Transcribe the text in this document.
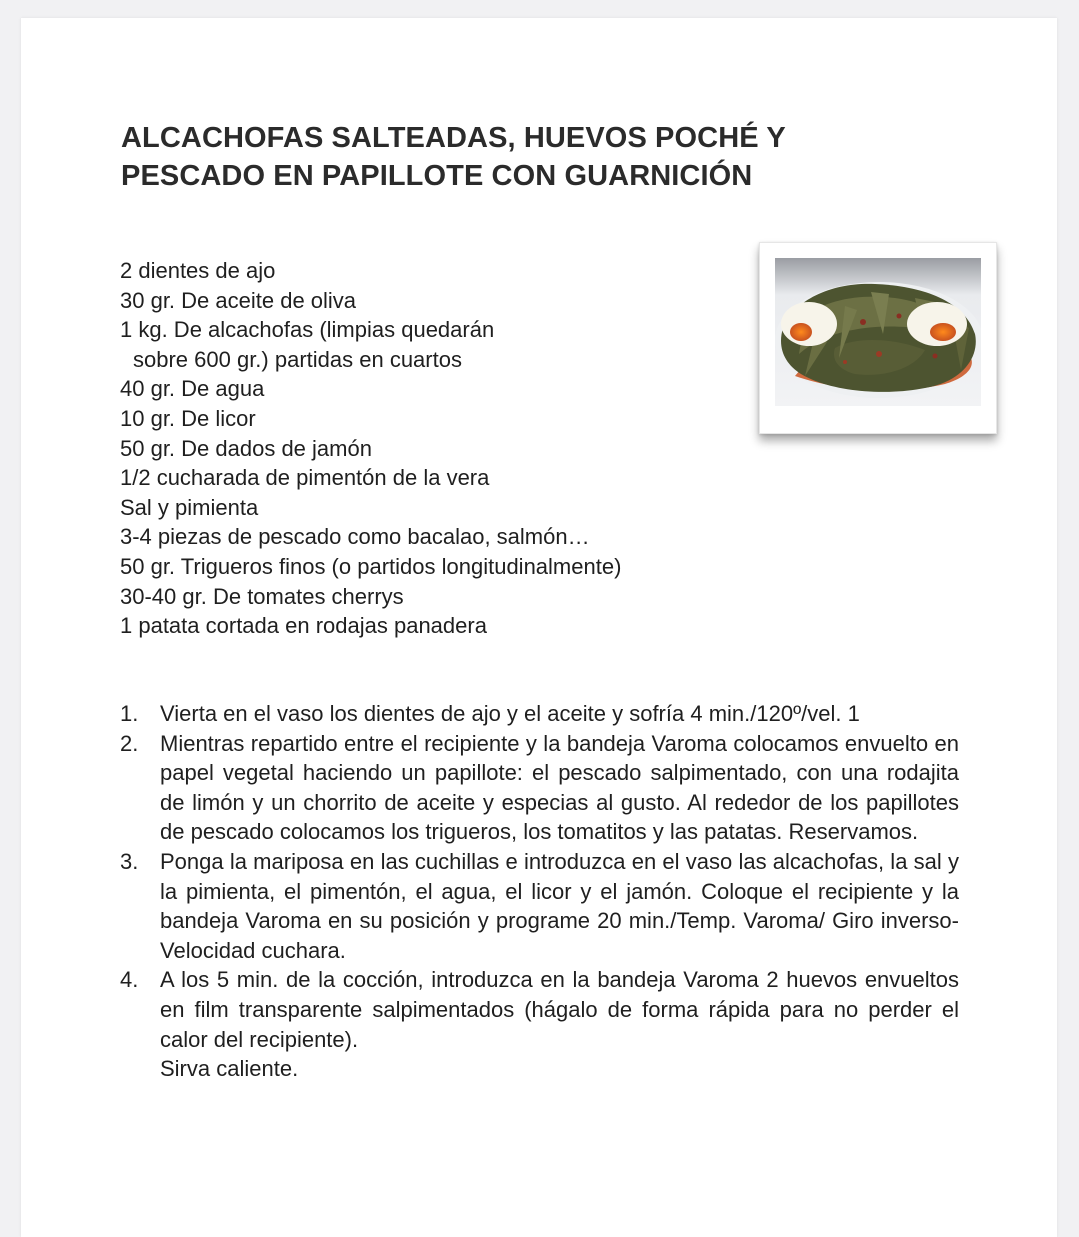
ALCACHOFAS SALTEADAS, HUEVOS POCHÉ Y PESCADO EN PAPILLOTE CON GUARNICIÓN
2 dientes de ajo
30 gr. De aceite de oliva
1 kg. De alcachofas (limpias quedarán
sobre 600 gr.) partidas en cuartos
40 gr. De agua
10 gr. De licor
50 gr. De dados de jamón
1/2 cucharada de pimentón de la vera
Sal y pimienta
3-4 piezas de pescado como bacalao, salmón…
50 gr. Trigueros finos (o partidos longitudinalmente)
30-40 gr. De tomates cherrys
1 patata cortada en rodajas panadera
1. Vierta en el vaso los dientes de ajo y el aceite y sofría 4 min./120º/vel. 1
2. Mientras repartido entre el recipiente y la bandeja Varoma colocamos envuelto en papel vegetal haciendo un papillote: el pescado salpimentado, con una rodajita de limón y un chorrito de aceite y especias al gusto. Al rededor de los papillotes de pescado colocamos los trigueros, los tomatitos y las patatas. Reservamos.
3. Ponga la mariposa en las cuchillas e introduzca en el vaso las alcachofas, la sal y la pimienta, el pimentón, el agua, el licor y el jamón. Coloque el recipiente y la bandeja Varoma en su posición y programe 20 min./Temp. Varoma/ Giro inverso-Velocidad cuchara.
4. A los 5 min. de la cocción, introduzca en la bandeja Varoma 2 huevos envueltos en film transparente salpimentados (hágalo de forma rápida para no perder el calor del recipiente).
Sirva caliente.
